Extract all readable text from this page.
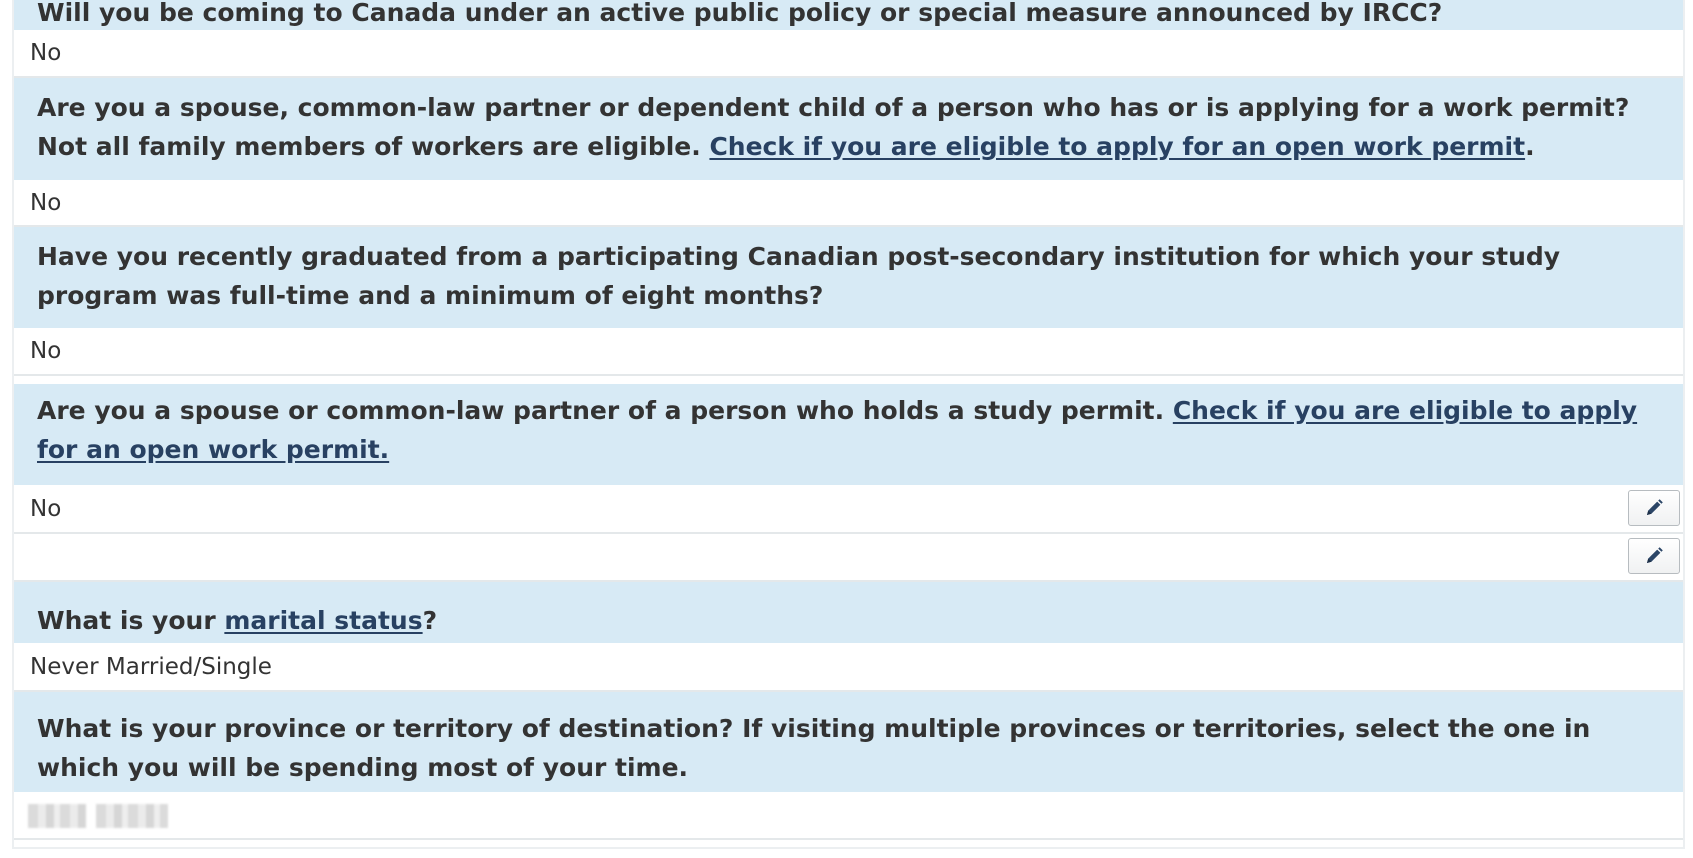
Will you be coming to Canada under an active public policy or special measure announced by IRCC?
No
Are you a spouse, common-law partner or dependent child of a person who has or is applying for a work permit? Not all family members of workers are eligible. Check if you are eligible to apply for an open work permit.
No
Have you recently graduated from a participating Canadian post-secondary institution for which your study program was full-time and a minimum of eight months?
No
Are you a spouse or common-law partner of a person who holds a study permit. Check if you are eligible to apply for an open work permit.
No
What is your marital status?
Never Married/Single
What is your province or territory of destination? If visiting multiple provinces or territories, select the one in which you will be spending most of your time.
